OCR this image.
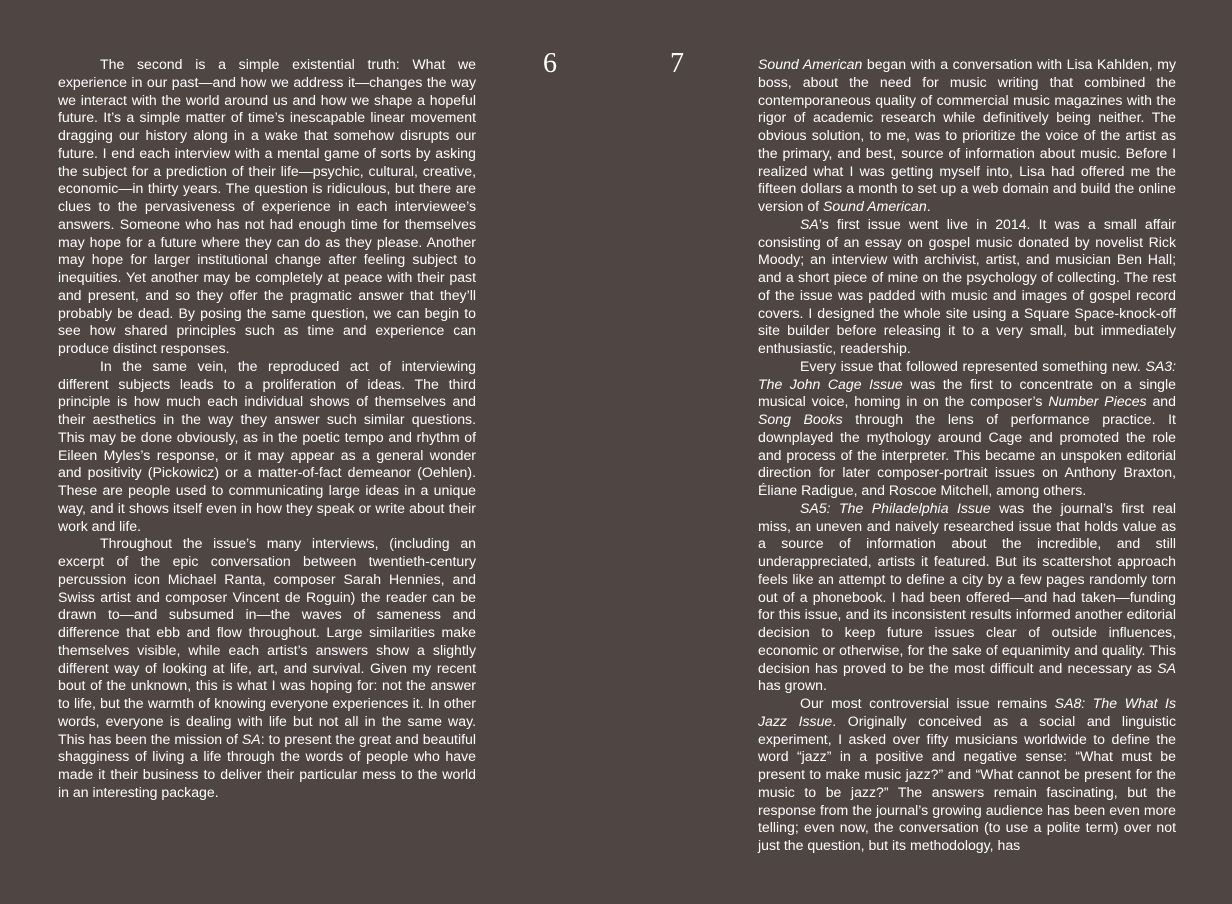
The second is a simple existential truth: What we experience in our past—and how we address it—changes the way we interact with the world around us and how we shape a hopeful future. It’s a simple matter of time’s inescapable linear movement dragging our history along in a wake that somehow disrupts our future. I end each interview with a mental game of sorts by asking the subject for a prediction of their life—psychic, cultural, creative, economic—in thirty years. The question is ridiculous, but there are clues to the pervasiveness of experience in each interviewee’s answers. Someone who has not had enough time for themselves may hope for a future where they can do as they please. Another may hope for larger institutional change after feeling subject to inequities. Yet another may be completely at peace with their past and present, and so they offer the pragmatic answer that they’ll probably be dead. By posing the same question, we can begin to see how shared principles such as time and experience can produce distinct responses.

In the same vein, the reproduced act of interviewing different subjects leads to a proliferation of ideas. The third principle is how much each individual shows of themselves and their aesthetics in the way they answer such similar questions. This may be done obviously, as in the poetic tempo and rhythm of Eileen Myles’s response, or it may appear as a general wonder and positivity (Pickowicz) or a matter-of-fact demeanor (Oehlen). These are people used to communicating large ideas in a unique way, and it shows itself even in how they speak or write about their work and life.

Throughout the issue’s many interviews, (including an excerpt of the epic conversation between twentieth-century percussion icon Michael Ranta, composer Sarah Hennies, and Swiss artist and composer Vincent de Roguin) the reader can be drawn to—and subsumed in—the waves of sameness and difference that ebb and flow throughout. Large similarities make themselves visible, while each artist’s answers show a slightly different way of looking at life, art, and survival. Given my recent bout of the unknown, this is what I was hoping for: not the answer to life, but the warmth of knowing everyone experiences it. In other words, everyone is dealing with life but not all in the same way. This has been the mission of SA: to present the great and beautiful shagginess of living a life through the words of people who have made it their business to deliver their particular mess to the world in an interesting package.

6	7	Sound American began with a conversation with Lisa Kahlden, my boss, about the need for music writing that combined the contemporaneous quality of commercial music magazines with the rigor of academic research while definitively being neither. The obvious solution, to me, was to prioritize the voice of the artist as the primary, and best, source of information about music. Before I realized what I was getting myself into, Lisa had offered me the fifteen dollars a month to set up a web domain and build the online version of Sound American.

SA’s first issue went live in 2014. It was a small affair consisting of an essay on gospel music donated by novelist Rick Moody; an interview with archivist, artist, and musician Ben Hall; and a short piece of mine on the psychology of collecting. The rest of the issue was padded with music and images of gospel record covers. I designed the whole site using a Square Space-knock-off site builder before releasing it to a very small, but immediately enthusiastic, readership.

Every issue that followed represented something new. SA3: The John Cage Issue was the first to concentrate on a single musical voice, homing in on the composer’s Number Pieces and Song Books through the lens of performance practice. It downplayed the mythology around Cage and promoted the role and process of the interpreter. This became an unspoken editorial direction for later composer-portrait issues on Anthony Braxton, Éliane Radigue, and Roscoe Mitchell, among others.

SA5: The Philadelphia Issue was the journal’s first real miss, an uneven and naively researched issue that holds value as a source of information about the incredible, and still underappreciated, artists it featured. But its scattershot approach feels like an attempt to define a city by a few pages randomly torn out of a phonebook. I had been offered—and had taken—funding for this issue, and its inconsistent results informed another editorial decision to keep future issues clear of outside influences, economic or otherwise, for the sake of equanimity and quality. This decision has proved to be the most difficult and necessary as SA has grown.

Our most controversial issue remains SA8: The What Is Jazz Issue. Originally conceived as a social and linguistic experiment, I asked over fifty musicians worldwide to define the word “jazz” in a positive and negative sense: “What must be present to make music jazz?” and “What cannot be present for the music to be jazz?” The answers remain fascinating, but the response from the journal’s growing audience has been even more telling; even now, the conversation (to use a polite term) over not just the question, but its methodology, has
